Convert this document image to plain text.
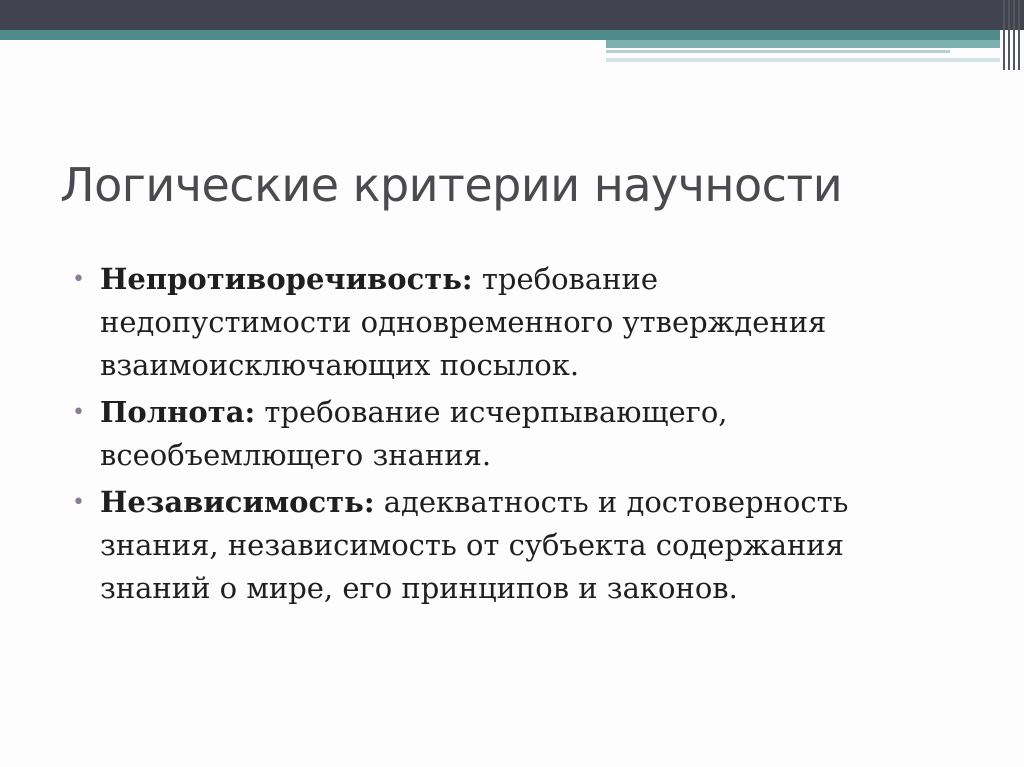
Логические критерии научности
• Непротиворечивость: требование недопустимости одновременного утверждения взаимоисключающих посылок.
• Полнота: требование исчерпывающего, всеобъемлющего знания.
• Независимость: адекватность и достоверность знания, независимость от субъекта содержания знаний о мире, его принципов и законов.
